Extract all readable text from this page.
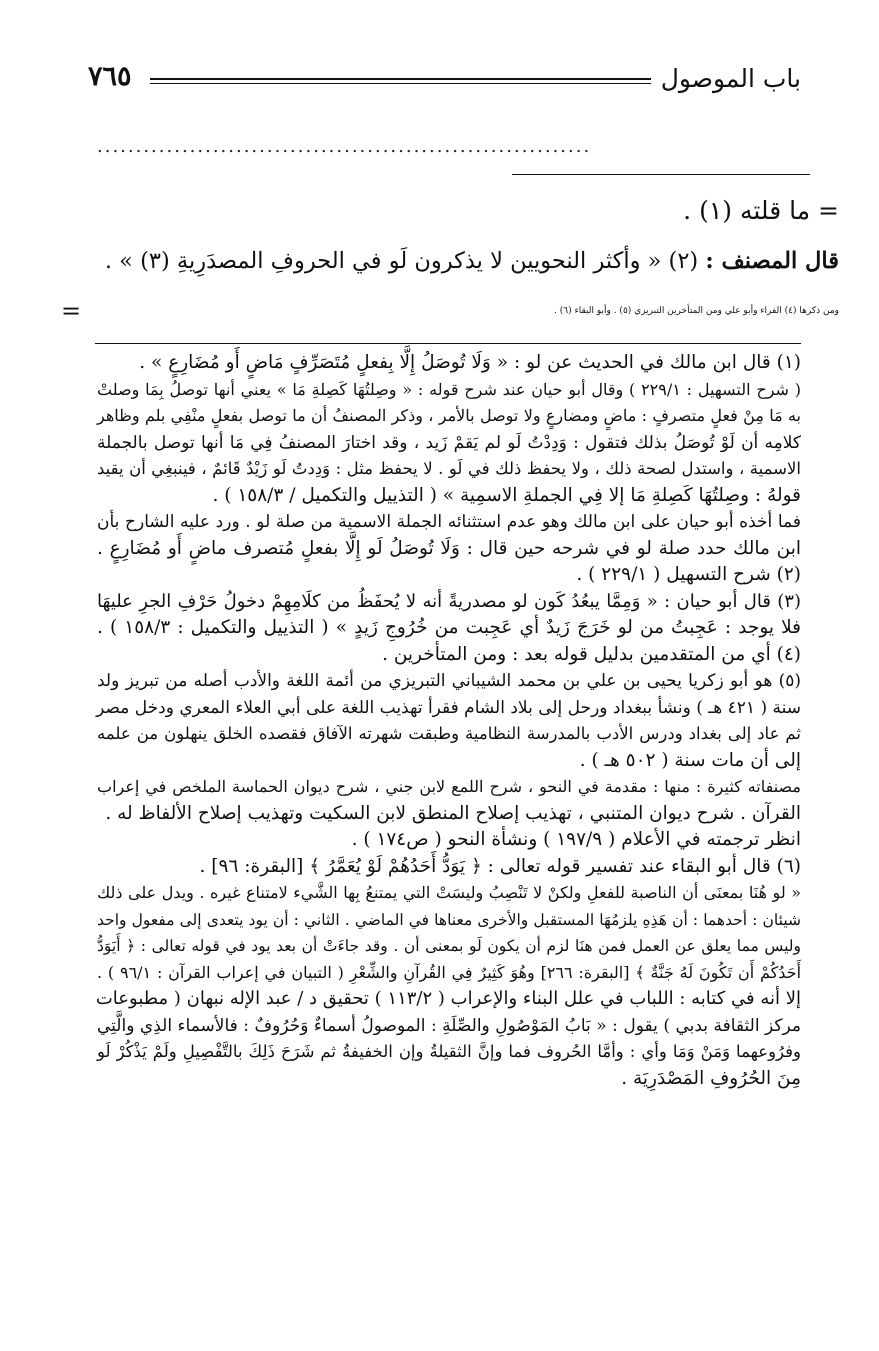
باب الموصول
٧٦٥
................................................................
= ما قلته (١) .
قال المصنف : (٢) « وأكثر النحويين لا يذكرون لَو في الحروفِ المصدَرِيةِ (٣) » .
ومن ذكرها (٤) الفراء وأبو علي ومن المتأخرين التبريزي (٥) . وأبو البقاء (٦) .
=
(١) قال ابن مالك في الحديث عن لو : « وَلَا تُوصَلُ إِلَّا بِفعلٍ مُتَصَرِّفٍ مَاضٍ أَو مُضَارِعٍ » .
( شرح التسهيل : ٢٢٩/١ ) وقال أبو حيان عند شرح قوله : « وصِلتُهَا كَصِلةِ مَا » يعني أنها توصلُ بِمَا وصلتْ
به مَا مِنْ فعلٍ متصرفٍ : ماضٍ ومضارعٍ ولا توصل بالأمر ، وذكر المصنفُ أن ما توصل بفعلٍ منْفِي بلم وظاهر
كلامِه أن لَوْ تُوصَلُ بذلك فتقول : وَدِدْتُ لَو لم يَقمْ زَيد ، وقد اختارَ المصنفُ فِي مَا أنها توصل بالجملة
الاسمية ، واستدل لصحة ذلك ، ولا يحفظ ذلك في لَو . لا يحفظ مثل : وَدِدتُ لَو زَيْدٌ قَائمٌ ، فينبغِي أن يقيد
قولهُ : وصِلتُهَا كَصِلةِ مَا إلا فِي الجملةِ الاسمِية » ( التذييل والتكميل / ١٥٨/٣ ) .
فما أخذه أبو حيان على ابن مالك وهو عدم استثنائه الجملة الاسمية من صلة لو . ورد عليه الشارح بأن
ابن مالك حدد صلة لو في شرحه حين قال : وَلَا تُوصَلُ لَو إِلَّا بفعلٍ مُتصرف ماضٍ أَو مُضَارِعٍ .
(٢) شرح التسهيل ( ٢٢٩/١ ) .
(٣) قال أبو حيان : « وَمِمَّا يبعُدُ كَون لو مصدريةً أنه لا يُحفَظُ من كلَامِهِمْ دخولُ حَرْفِ الجرِ عليهَا
فلا يوجد : عَجِبتُ من لو خَرَجَ زَيدٌ أي عَجِبت من خُرُوجِ زَيدٍ » ( التذييل والتكميل : ١٥٨/٣ ) .
(٤) أي من المتقدمين بدليل قوله بعد : ومن المتأخرين .
(٥) هو أبو زكريا يحيى بن علي بن محمد الشيباني التبريزي من أئمة اللغة والأدب أصله من تبريز ولد
سنة ( ٤٢١ هـ ) ونشأ ببغداد ورحل إلى بلاد الشام فقرأ تهذيب اللغة على أبي العلاء المعري ودخل مصر
ثم عاد إلى بغداد ودرس الأدب بالمدرسة النظامية وطبقت شهرته الآفاق فقصده الخلق ينهلون من علمه
إلى أن مات سنة ( ٥٠٢ هـ ) .
مصنفاته كثيرة : منها : مقدمة في النحو ، شرح اللمع لابن جني ، شرح ديوان الحماسة الملخص في إعراب
القرآن . شرح ديوان المتنبي ، تهذيب إصلاح المنطق لابن السكيت وتهذيب إصلاح الألفاظ له .
انظر ترجمته في الأعلام ( ١٩٧/٩ ) ونشأة النحو ( ص١٧٤ ) .
(٦) قال أبو البقاء عند تفسير قوله تعالى : ﴿ يَوَدُّ أَحَدُهُمْ لَوْ يُعَمَّرُ ﴾ [البقرة: ٩٦] .
« لو هُنَا بمعنَى أن الناصبة للفعلِ ولكنْ لا تَنْصِبُ وليسَتْ التي يمتنعُ بِها الشَّيء لامتناع غيره . ويدل على ذلك
شيئان : أحدهما : أن هَذِهِ يلزمُهَا المستقبل والأخرى معناها في الماضي . الثاني : أن يود يتعدى إلى مفعول واحد
وليس مما يعلق عن العمل فمن هنَا لزم أن يكون لَو بمعنى أن . وقد جاءَتْ أن بعد يود في قوله تعالى : ﴿ أَيَوَدُّ
أَحَدُكُمْ أَن تَكُونَ لَهُ جَنَّةٌ ﴾ [البقرة: ٢٦٦] وهُوَ كَثِيرٌ فِي القُرآنِ والشِّعْرِ ( التبيان في إعراب القرآن : ٩٦/١ ) .
إلا أنه في كتابه : اللباب في علل البناء والإعراب ( ١١٣/٢ ) تحقيق د / عبد الإله نبهان ( مطبوعات
مركز الثقافة بدبي ) يقول : « بَابُ المَوْصُولِ والصِّلَةِ : الموصولُ أسماءٌ وَحُرُوفٌ : فالأسماء الذِي والَّتِي
وفرُوعهما وَمَنْ وَمَا وأي : وأمَّا الحُروف فما وإنَّ الثقيلةُ وإن الخفيفةُ ثم شَرَحَ ذَلِكَ بالتَّفْصِيلِ ولَمْ يَذْكُرْ لَو
مِنَ الحُرُوفِ المَصْدَرِيَة .
